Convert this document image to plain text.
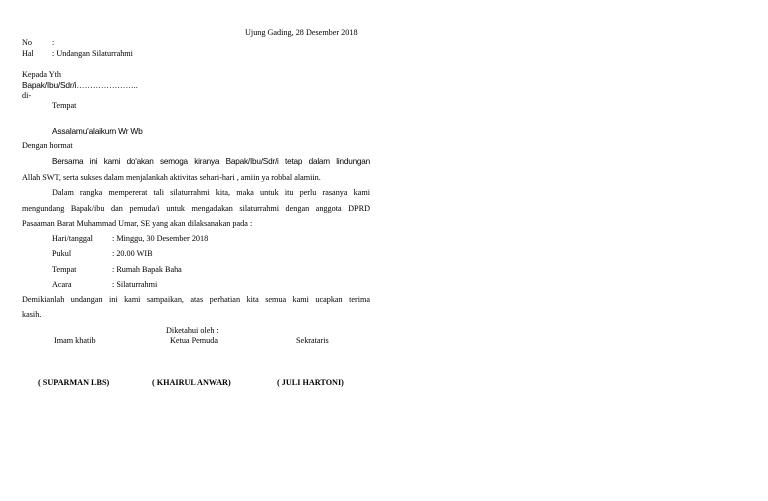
Ujung Gading, 28 Desember 2018
No :
Hal : Undangan Silaturrahmi
Kepada Yth
Bapak/Ibu/Sdr/i…………………..
di-
Tempat
Assalamu'alaikum Wr Wb
Dengan hormat
Bersama ini kami do'akan semoga kiranya Bapak/Ibu/Sdr/i tetap dalam lindungan
Allah SWT, serta sukses dalam menjalankah aktivitas sehari-hari , amiin ya robbal alamiin.
Dalam rangka mempererat tali silaturrahmi kita, maka untuk itu perlu rasanya kami
mengundang Bapak/ibu dan pemuda/i untuk mengadakan silaturrahmi dengan anggota DPRD
Pasaaman Barat Muhammad Umar, SE yang akan dilaksanakan pada :
Hari/tanggal : Minggu, 30 Desember 2018
Pukul	: 20.00 WIB
Tempat	: Rumah Bapak Baha
Acara	: Silaturrahmi
Demikianlah undangan ini kami sampaikan, atas perhatian kita semua kami ucapkan terima
kasih.
Diketahui oleh :
Imam khatib	Ketua Pemuda	Sekrataris
( SUPARMAN LBS)	( KHAIRUL ANWAR)	( JULI HARTONI)
